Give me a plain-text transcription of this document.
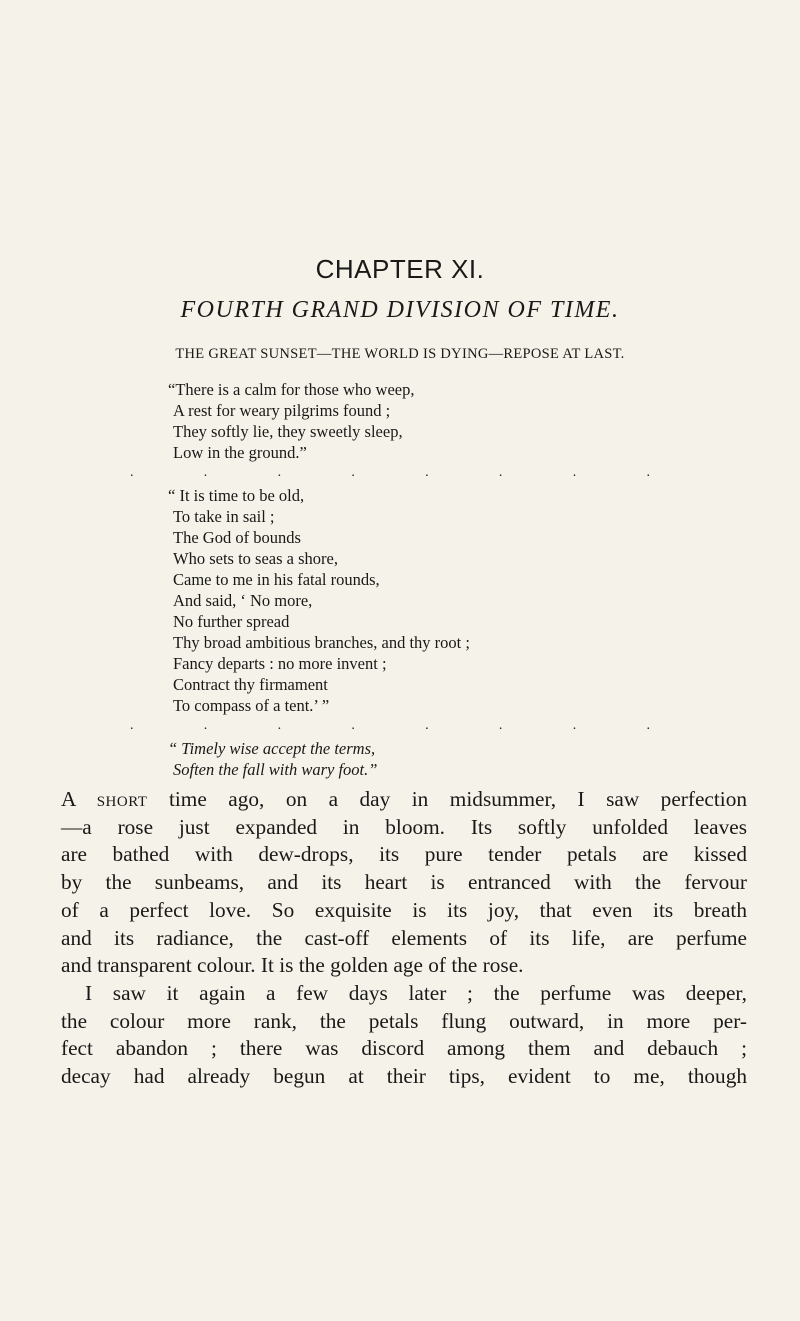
CHAPTER XI.
FOURTH GRAND DIVISION OF TIME.
THE GREAT SUNSET—THE WORLD IS DYING—REPOSE AT LAST.
“There is a calm for those who weep,
A rest for weary pilgrims found ;
They softly lie, they sweetly sleep,
Low in the ground.”
.	.	.	.	.	.	.	.
“ It is time to be old,
To take in sail ;
The God of bounds
Who sets to seas a shore,
Came to me in his fatal rounds,
And said, ‘ No more,
No further spread
Thy broad ambitious branches, and thy root ;
Fancy departs : no more invent ;
Contract thy firmament
To compass of a tent.’ ”
.	.	.	.	.	.	.	.
“ Timely wise accept the terms,
Soften the fall with wary foot.”
A short time ago, on a day in midsummer, I saw perfection
—a rose just expanded in bloom. Its softly unfolded leaves
are bathed with dew-drops, its pure tender petals are kissed
by the sunbeams, and its heart is entranced with the fervour
of a perfect love. So exquisite is its joy, that even its breath
and its radiance, the cast-off elements of its life, are perfume
and transparent colour. It is the golden age of the rose.
I saw it again a few days later ; the perfume was deeper,
the colour more rank, the petals flung outward, in more per-
fect abandon ; there was discord among them and debauch ;
decay had already begun at their tips, evident to me, though
